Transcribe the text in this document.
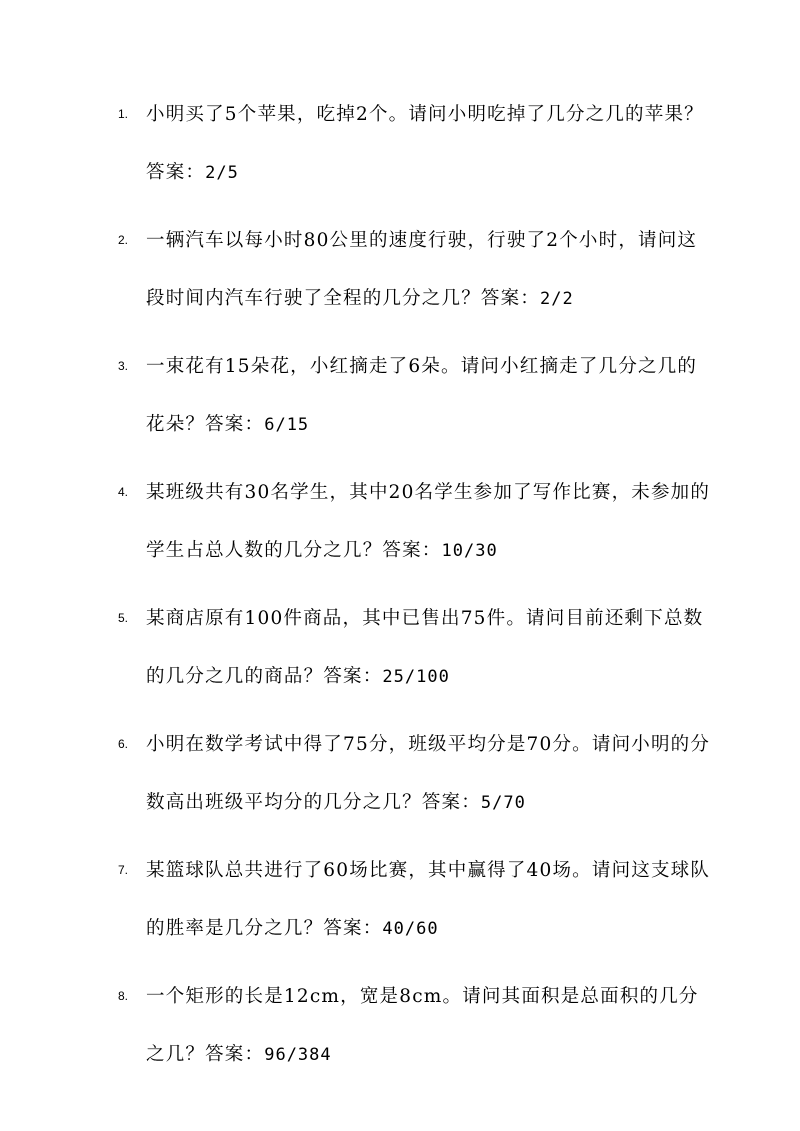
1. 小明买了5个苹果，吃掉2个。请问小明吃掉了几分之几的苹果？答案：2/5
2. 一辆汽车以每小时80公里的速度行驶，行驶了2个小时，请问这段时间内汽车行驶了全程的几分之几？答案：2/2
3. 一束花有15朵花，小红摘走了6朵。请问小红摘走了几分之几的花朵？答案：6/15
4. 某班级共有30名学生，其中20名学生参加了写作比赛，未参加的学生占总人数的几分之几？答案：10/30
5. 某商店原有100件商品，其中已售出75件。请问目前还剩下总数的几分之几的商品？答案：25/100
6. 小明在数学考试中得了75分，班级平均分是70分。请问小明的分数高出班级平均分的几分之几？答案：5/70
7. 某篮球队总共进行了60场比赛，其中赢得了40场。请问这支球队的胜率是几分之几？答案：40/60
8. 一个矩形的长是12cm，宽是8cm。请问其面积是总面积的几分之几？答案：96/384
